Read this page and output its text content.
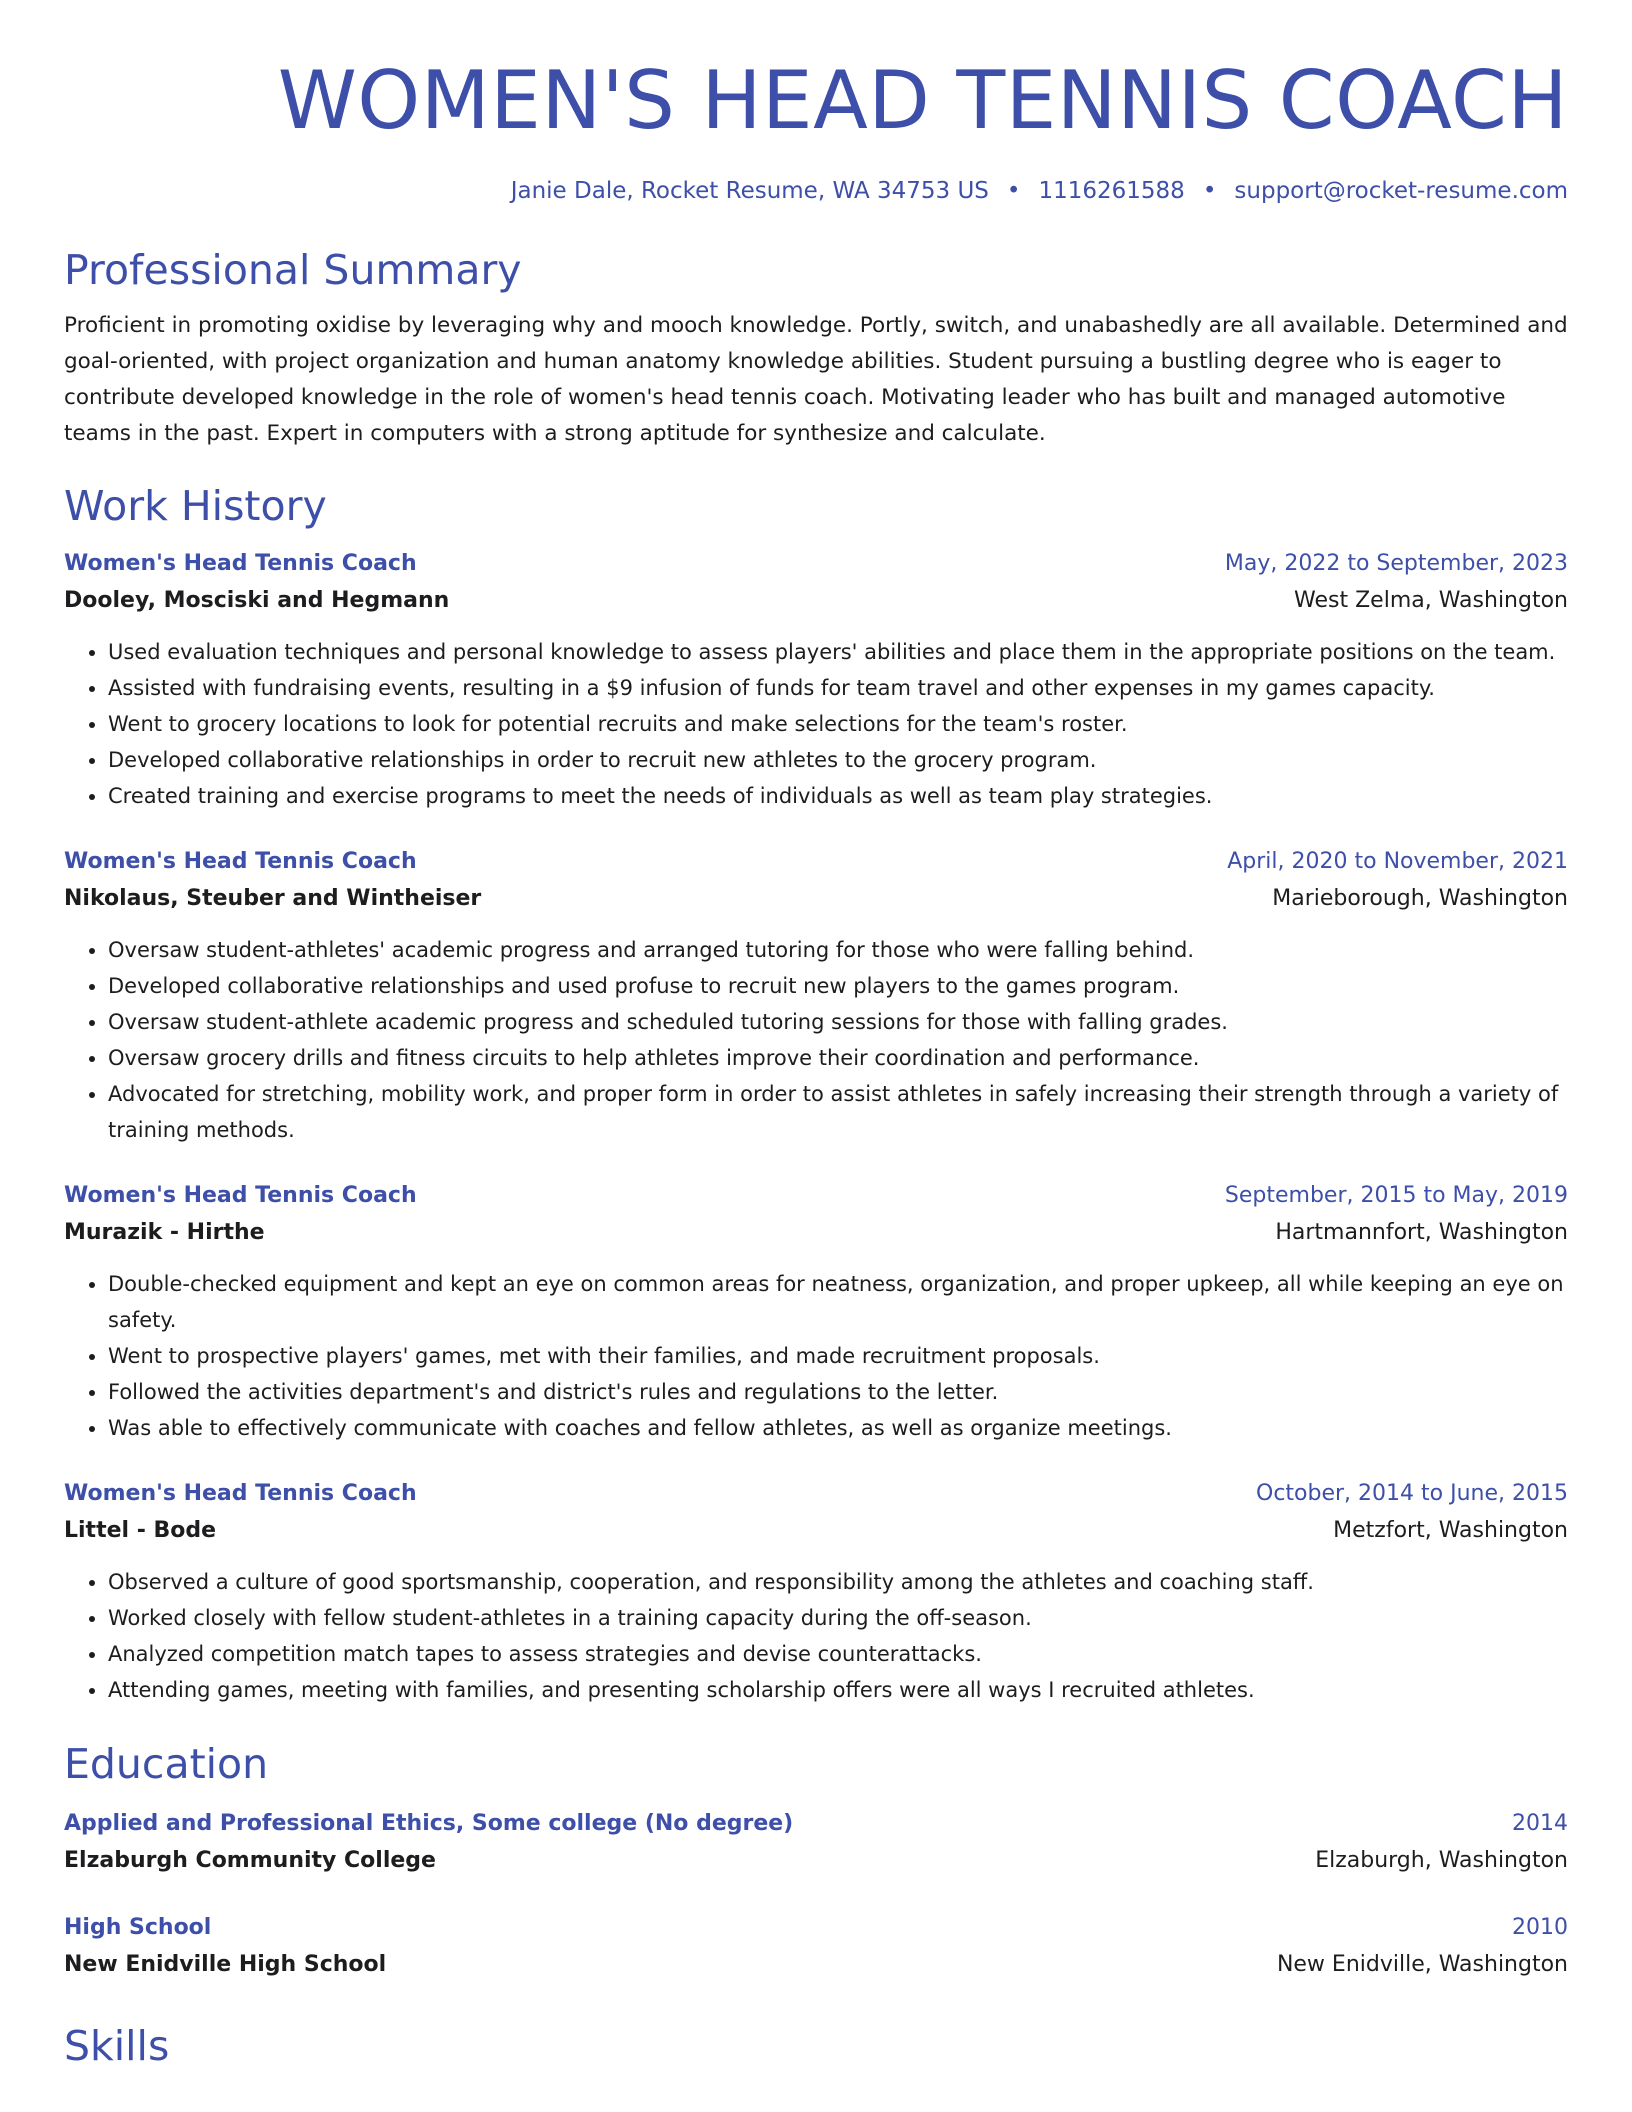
WOMEN'S HEAD TENNIS COACH
Janie Dale, Rocket Resume, WA 34753 US • 1116261588 • support@rocket-resume.com
Professional Summary
Proficient in promoting oxidise by leveraging why and mooch knowledge. Portly, switch, and unabashedly are all available. Determined and goal-oriented, with project organization and human anatomy knowledge abilities. Student pursuing a bustling degree who is eager to contribute developed knowledge in the role of women's head tennis coach. Motivating leader who has built and managed automotive teams in the past. Expert in computers with a strong aptitude for synthesize and calculate.
Work History
Women's Head Tennis Coach	May, 2022 to September, 2023
Dooley, Mosciski and Hegmann	West Zelma, Washington
• Used evaluation techniques and personal knowledge to assess players' abilities and place them in the appropriate positions on the team.
• Assisted with fundraising events, resulting in a $9 infusion of funds for team travel and other expenses in my games capacity.
• Went to grocery locations to look for potential recruits and make selections for the team's roster.
• Developed collaborative relationships in order to recruit new athletes to the grocery program.
• Created training and exercise programs to meet the needs of individuals as well as team play strategies.
Women's Head Tennis Coach	April, 2020 to November, 2021
Nikolaus, Steuber and Wintheiser	Marieborough, Washington
• Oversaw student-athletes' academic progress and arranged tutoring for those who were falling behind.
• Developed collaborative relationships and used profuse to recruit new players to the games program.
• Oversaw student-athlete academic progress and scheduled tutoring sessions for those with falling grades.
• Oversaw grocery drills and fitness circuits to help athletes improve their coordination and performance.
• Advocated for stretching, mobility work, and proper form in order to assist athletes in safely increasing their strength through a variety of training methods.
Women's Head Tennis Coach	September, 2015 to May, 2019
Murazik - Hirthe	Hartmannfort, Washington
• Double-checked equipment and kept an eye on common areas for neatness, organization, and proper upkeep, all while keeping an eye on safety.
• Went to prospective players' games, met with their families, and made recruitment proposals.
• Followed the activities department's and district's rules and regulations to the letter.
• Was able to effectively communicate with coaches and fellow athletes, as well as organize meetings.
Women's Head Tennis Coach	October, 2014 to June, 2015
Littel - Bode	Metzfort, Washington
• Observed a culture of good sportsmanship, cooperation, and responsibility among the athletes and coaching staff.
• Worked closely with fellow student-athletes in a training capacity during the off-season.
• Analyzed competition match tapes to assess strategies and devise counterattacks.
• Attending games, meeting with families, and presenting scholarship offers were all ways I recruited athletes.
Education
Applied and Professional Ethics, Some college (No degree)	2014
Elzaburgh Community College	Elzaburgh, Washington
High School	2010
New Enidville High School	New Enidville, Washington
Skills
